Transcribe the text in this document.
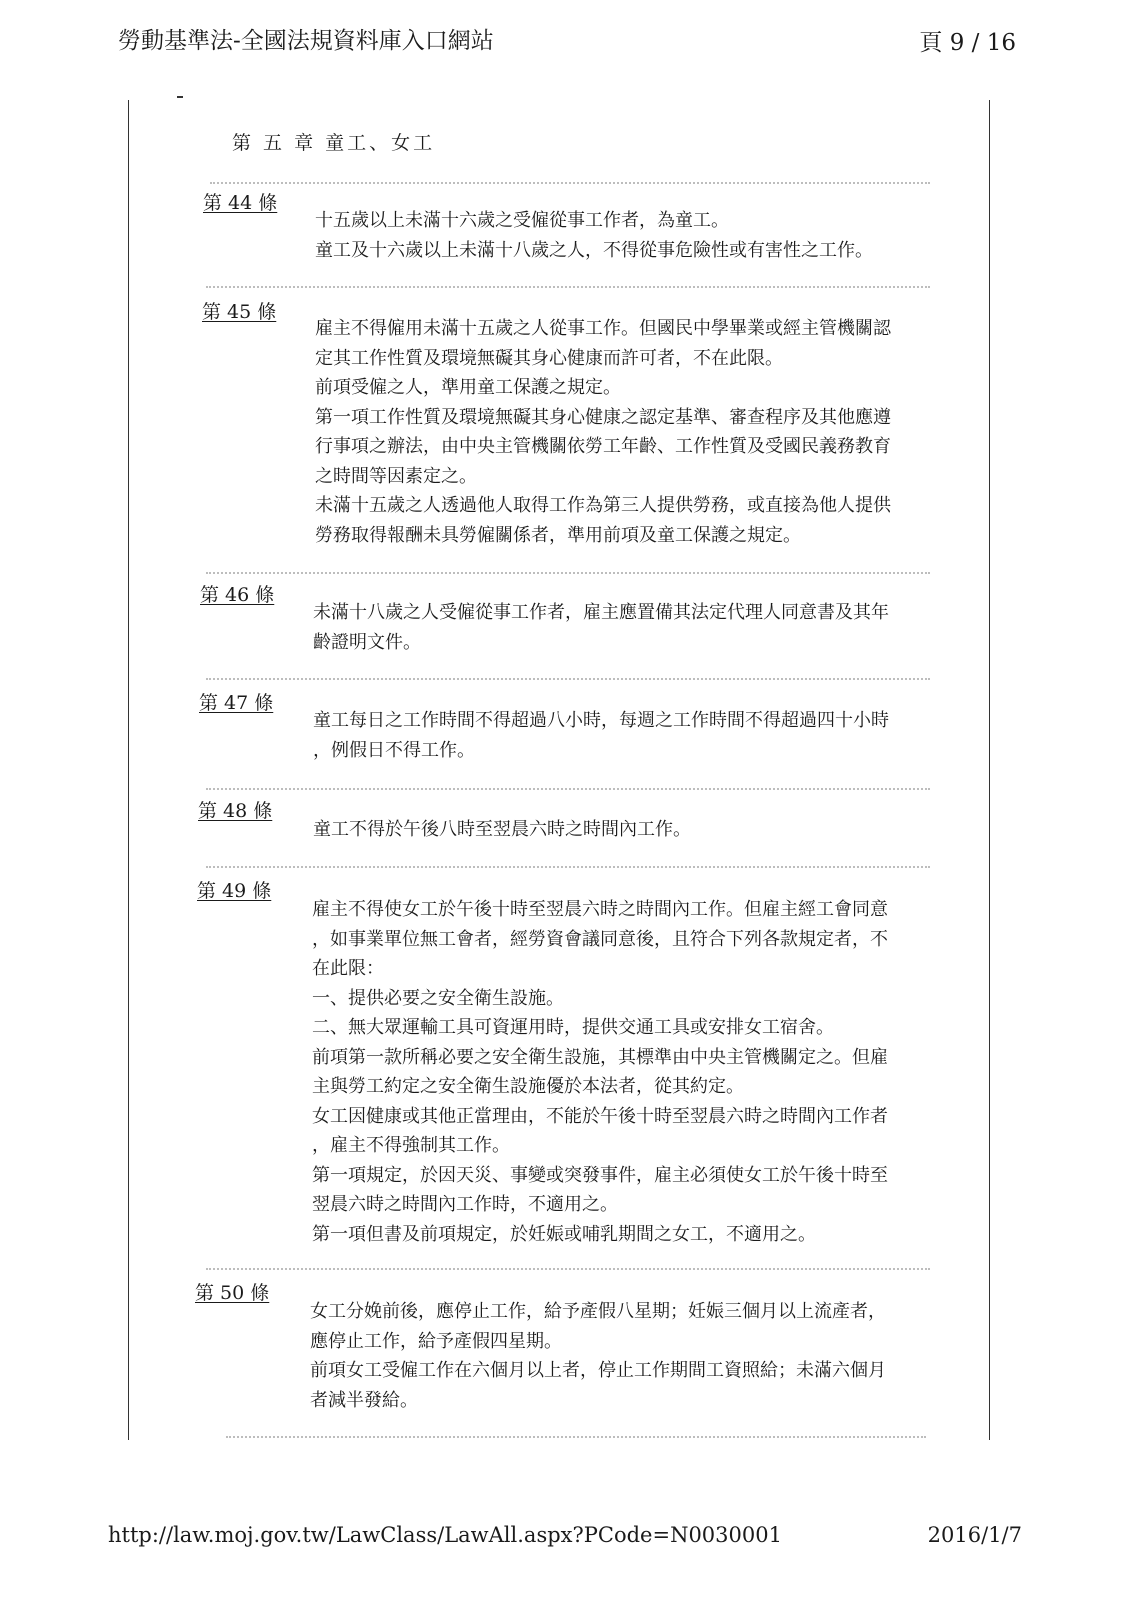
勞動基準法-全國法規資料庫入口網站	頁 9 / 16
第 五 章 童工、女工
第 44 條

十五歲以上未滿十六歲之受僱從事工作者，為童工。

童工及十六歲以上未滿十八歲之人，不得從事危險性或有害性之工作。

第 45 條

雇主不得僱用未滿十五歲之人從事工作。但國民中學畢業或經主管機關認

定其工作性質及環境無礙其身心健康而許可者，不在此限。

前項受僱之人，準用童工保護之規定。

第一項工作性質及環境無礙其身心健康之認定基準、審查程序及其他應遵

行事項之辦法，由中央主管機關依勞工年齡、工作性質及受國民義務教育

之時間等因素定之。

未滿十五歲之人透過他人取得工作為第三人提供勞務，或直接為他人提供

勞務取得報酬未具勞僱關係者，準用前項及童工保護之規定。

第 46 條

未滿十八歲之人受僱從事工作者，雇主應置備其法定代理人同意書及其年

齡證明文件。

第 47 條

童工每日之工作時間不得超過八小時，每週之工作時間不得超過四十小時

，例假日不得工作。

第 48 條

童工不得於午後八時至翌晨六時之時間內工作。

第 49 條

雇主不得使女工於午後十時至翌晨六時之時間內工作。但雇主經工會同意

，如事業單位無工會者，經勞資會議同意後，且符合下列各款規定者，不

在此限：

一、提供必要之安全衛生設施。

二、無大眾運輸工具可資運用時，提供交通工具或安排女工宿舍。

前項第一款所稱必要之安全衛生設施，其標準由中央主管機關定之。但雇

主與勞工約定之安全衛生設施優於本法者，從其約定。

女工因健康或其他正當理由，不能於午後十時至翌晨六時之時間內工作者

，雇主不得強制其工作。

第一項規定，於因天災、事變或突發事件，雇主必須使女工於午後十時至

翌晨六時之時間內工作時，不適用之。

第一項但書及前項規定，於妊娠或哺乳期間之女工，不適用之。

第 50 條

女工分娩前後，應停止工作，給予產假八星期；妊娠三個月以上流產者，

應停止工作，給予產假四星期。

前項女工受僱工作在六個月以上者，停止工作期間工資照給；未滿六個月

者減半發給。

http://law.moj.gov.tw/LawClass/LawAll.aspx?PCode=N0030001	2016/1/7
